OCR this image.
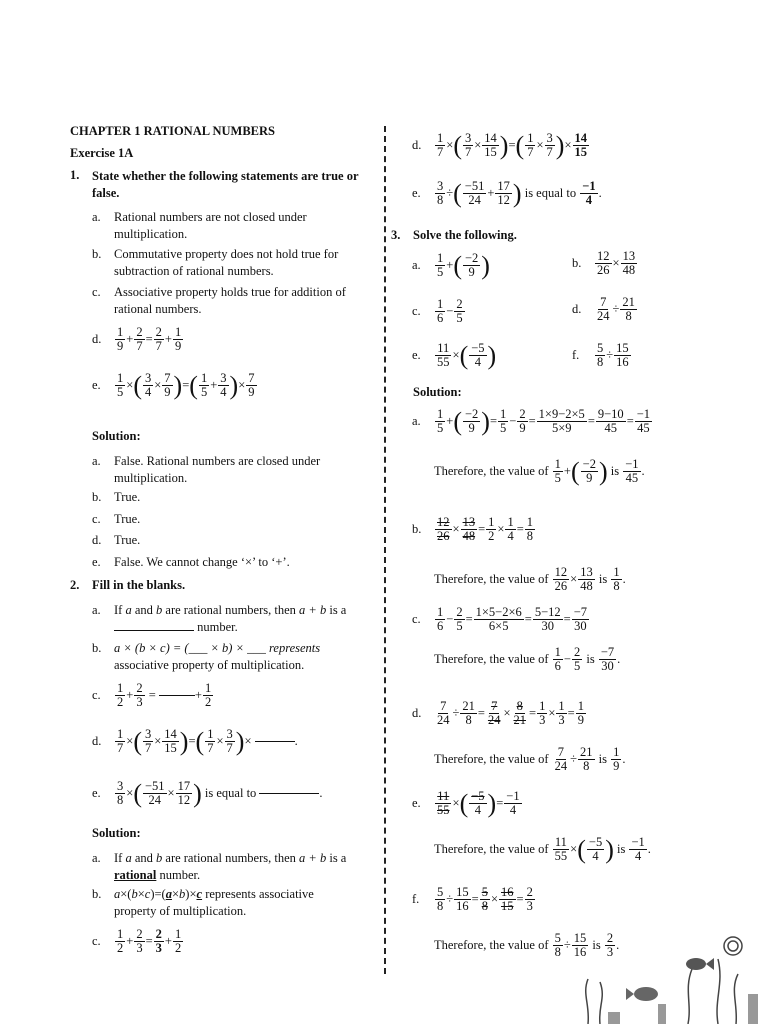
CHAPTER 1 RATIONAL NUMBERS
Exercise 1A
1. State whether the following statements are true or
false.
a. Rational numbers are not closed under
multiplication.
b. Commutative property does not hold true for
subtraction of rational numbers.
c. Associative property holds true for addition of
rational numbers.
d.
1
9 +
2
7 =
2
7 +
1
9
e.
1
5 × ( 3
4 ×
7
9 ) = ( 1
5 +
3
4 ) ×
7
9
Solution:
a. False. Rational numbers are closed under
multiplication.
b. True.
c. True.
d. True.
e. False. We cannot change ‘×’ to ‘+’.
2. Fill in the blanks.
a. If a and b are rational numbers, then a + b is a
number.
b. a × (b × c) = (___ × b) × ___ represents
associative property of multiplication.
c.
1
2 +
2
3 =	+
1
2
d.
1
7 × ( 3
7 ×
14
15 ) = ( 1
7 ×
3
7 ) ×	.
e.
3
8 × ( −51
24 ×
17
12 )
is equal to
	.
Solution:
a. If a and b are rational numbers, then a + b is a
rational number.
b. a×(b×c)=(a×b)×c represents associative
property of multiplication.
c.
1
2 +
2
3 =
2
3 +
1
2
d.
1
7 × ( 3
7 ×
14
15 ) = ( 1
7 ×
3
7 ) ×
14
15
e.
3
8 ÷ ( −51
24 +
17
12 )
is equal to

−1
4 .
3. Solve the following.
a.
1
5 + ( −2
9 )	b.
12
26 ×
13
48
c.
1
6 −
2
5
d.
7
24 ÷
21
8
e.
11
55 × ( −5
4 )	f.
5
8 ÷
15
16
Solution:
a.
1
5 + ( −2
9 ) =
1
5 −
2
9 =
1×9−2×5
5×9 =
9−10
45 =
−1
45
Therefore, the value of

1
5 + ( −2
9 )
is

−1
45 .
b.
12
26 ×
13
48 =
1
2 ×
1
4 =
1
8
Therefore, the value of

12
26 ×
13
48
is

1
8 .
c.
1
6 −
2
5 =
1×5−2×6
6×5 =
5−12
30 =
−7
30
Therefore, the value of

1
6 −
2
5
is

−7
30 .
d.
7
24 ÷
21
8 =
7
24 ×
8
21 =
1
3 ×
1
3 =
1
9
Therefore, the value of

7
24 ÷
21
8
is

1
9 .
e.
11
55 × ( −5
4 ) =
−1
4
Therefore, the value of

11
55 × ( −5
4 )
is

−1
4 .
f.
5
8 ÷
15
16 =
5
8 ×
16
15 =
2
3
Therefore, the value of

5
8 ÷
15
16
is

2
3 .
